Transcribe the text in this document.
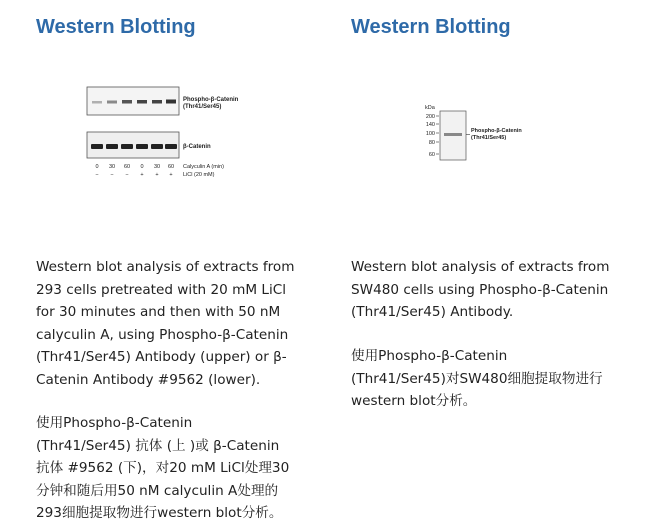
Western Blotting
Phospho-β-Catenin
(Thr41/Ser45)
β-Catenin
0 30 60 0 30 60
− − − + + +
Calyculin A (min)
LiCl (20 mM)

Western blot analysis of extracts from
293 cells pretreated with 20 mM LiCl
for 30 minutes and then with 50 nM
calyculin A, using Phospho-β-Catenin
(Thr41/Ser45) Antibody (upper) or β-
Catenin Antibody #9562 (lower).

使用Phospho-β-Catenin
(Thr41/Ser45) 抗体 (上 )或 β-Catenin
抗体 #9562 (下)，对20 mM LiCl处理30
分钟和随后用50 nM calyculin A处理的
293细胞提取物进行western blot分析。

Western Blotting
kDa
200
140
100
80
60
Phospho-β-Catenin
(Thr41/Ser45)

Western blot analysis of extracts from
SW480 cells using Phospho-β-Catenin
(Thr41/Ser45) Antibody.

使用Phospho-β-Catenin
(Thr41/Ser45)对SW480细胞提取物进行
western blot分析。
